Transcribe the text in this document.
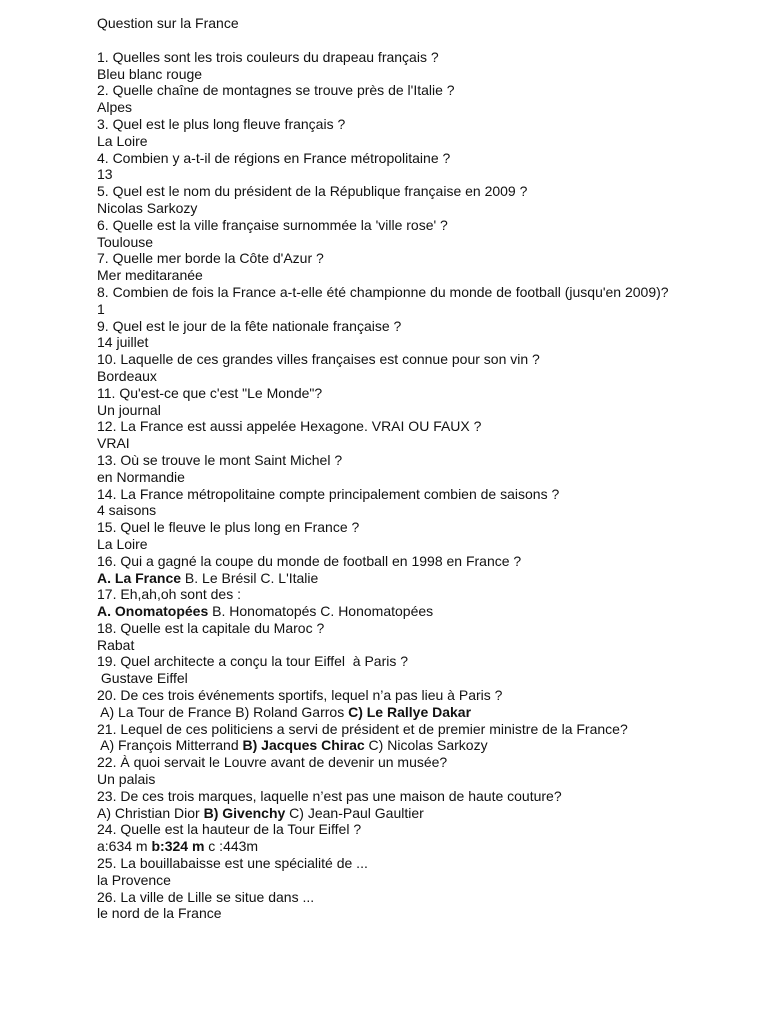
Question sur la France
1. Quelles sont les trois couleurs du drapeau français ?
Bleu blanc rouge
2. Quelle chaîne de montagnes se trouve près de l'Italie ?
Alpes
3. Quel est le plus long fleuve français ?
La Loire
4. Combien y a-t-il de régions en France métropolitaine ?
13
5. Quel est le nom du président de la République française en 2009 ?
Nicolas Sarkozy
6. Quelle est la ville française surnommée la 'ville rose' ?
Toulouse
7. Quelle mer borde la Côte d'Azur ?
Mer meditaranée
8. Combien de fois la France a-t-elle été championne du monde de football (jusqu'en 2009)?
1
9. Quel est le jour de la fête nationale française ?
14 juillet
10. Laquelle de ces grandes villes françaises est connue pour son vin ?
Bordeaux
11. Qu'est-ce que c'est "Le Monde"?
Un journal
12. La France est aussi appelée Hexagone. VRAI OU FAUX ?
VRAI
13. Où se trouve le mont Saint Michel ?
en Normandie
14. La France métropolitaine compte principalement combien de saisons ?
4 saisons
15. Quel le fleuve le plus long en France ?
La Loire
16. Qui a gagné la coupe du monde de football en 1998 en France ?
A. La France B. Le Brésil C. L'Italie
17. Eh,ah,oh sont des :
A. Onomatopées B. Honomatopés C. Honomatopées
18. Quelle est la capitale du Maroc ?
Rabat
19. Quel architecte a conçu la tour Eiffel  à Paris ?
Gustave Eiffel
20. De ces trois événements sportifs, lequel n’a pas lieu à Paris ?
A) La Tour de France B) Roland Garros C) Le Rallye Dakar
21. Lequel de ces politiciens a servi de président et de premier ministre de la France?
A) François Mitterrand B) Jacques Chirac C) Nicolas Sarkozy
22. À quoi servait le Louvre avant de devenir un musée?
Un palais
23. De ces trois marques, laquelle n’est pas une maison de haute couture?
A) Christian Dior B) Givenchy C) Jean-Paul Gaultier
24. Quelle est la hauteur de la Tour Eiffel ?
a:634 m b:324 m c :443m
25. La bouillabaisse est une spécialité de ...
la Provence
26. La ville de Lille se situe dans ...
le nord de la France
